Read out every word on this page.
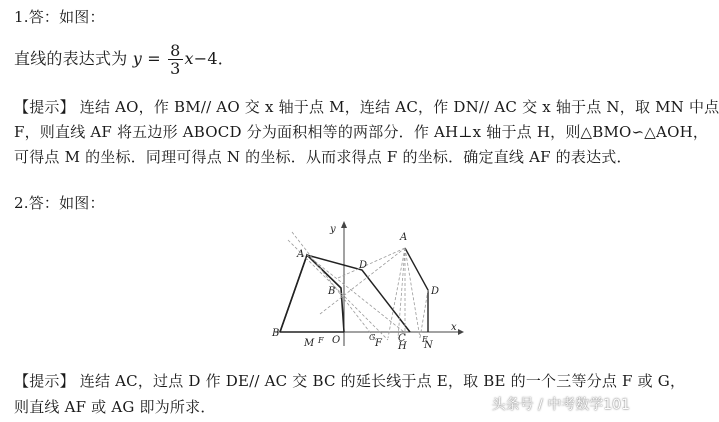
1.答：如图：
直线的表达式为 $y = \frac{8}{3} x-4$．
【提示】 连结 AO，作 BM// AO 交 x 轴于点 M，连结 AC，作 DN// AC 交 x 轴于点 N，取 MN 中点
F，则直线 AF 将五边形 ABOCD 分为面积相等的两部分．作 AH⊥x 轴于点 H，则△BMO∽△AOH，
可得点 M 的坐标．同理可得点 N 的坐标．从而求得点 F 的坐标．确定直线 AF 的表达式．
2.答：如图：
y
x
A
A
B
B
D
D
M F O	G
F C
H
E
N
【提示】 连结 AC，过点 D 作 DE// AC 交 BC 的延长线于点 E，取 BE 的一个三等分点 F 或 G，
则直线 AF 或 AG 即为所求．	头条号 / 中考数学101
